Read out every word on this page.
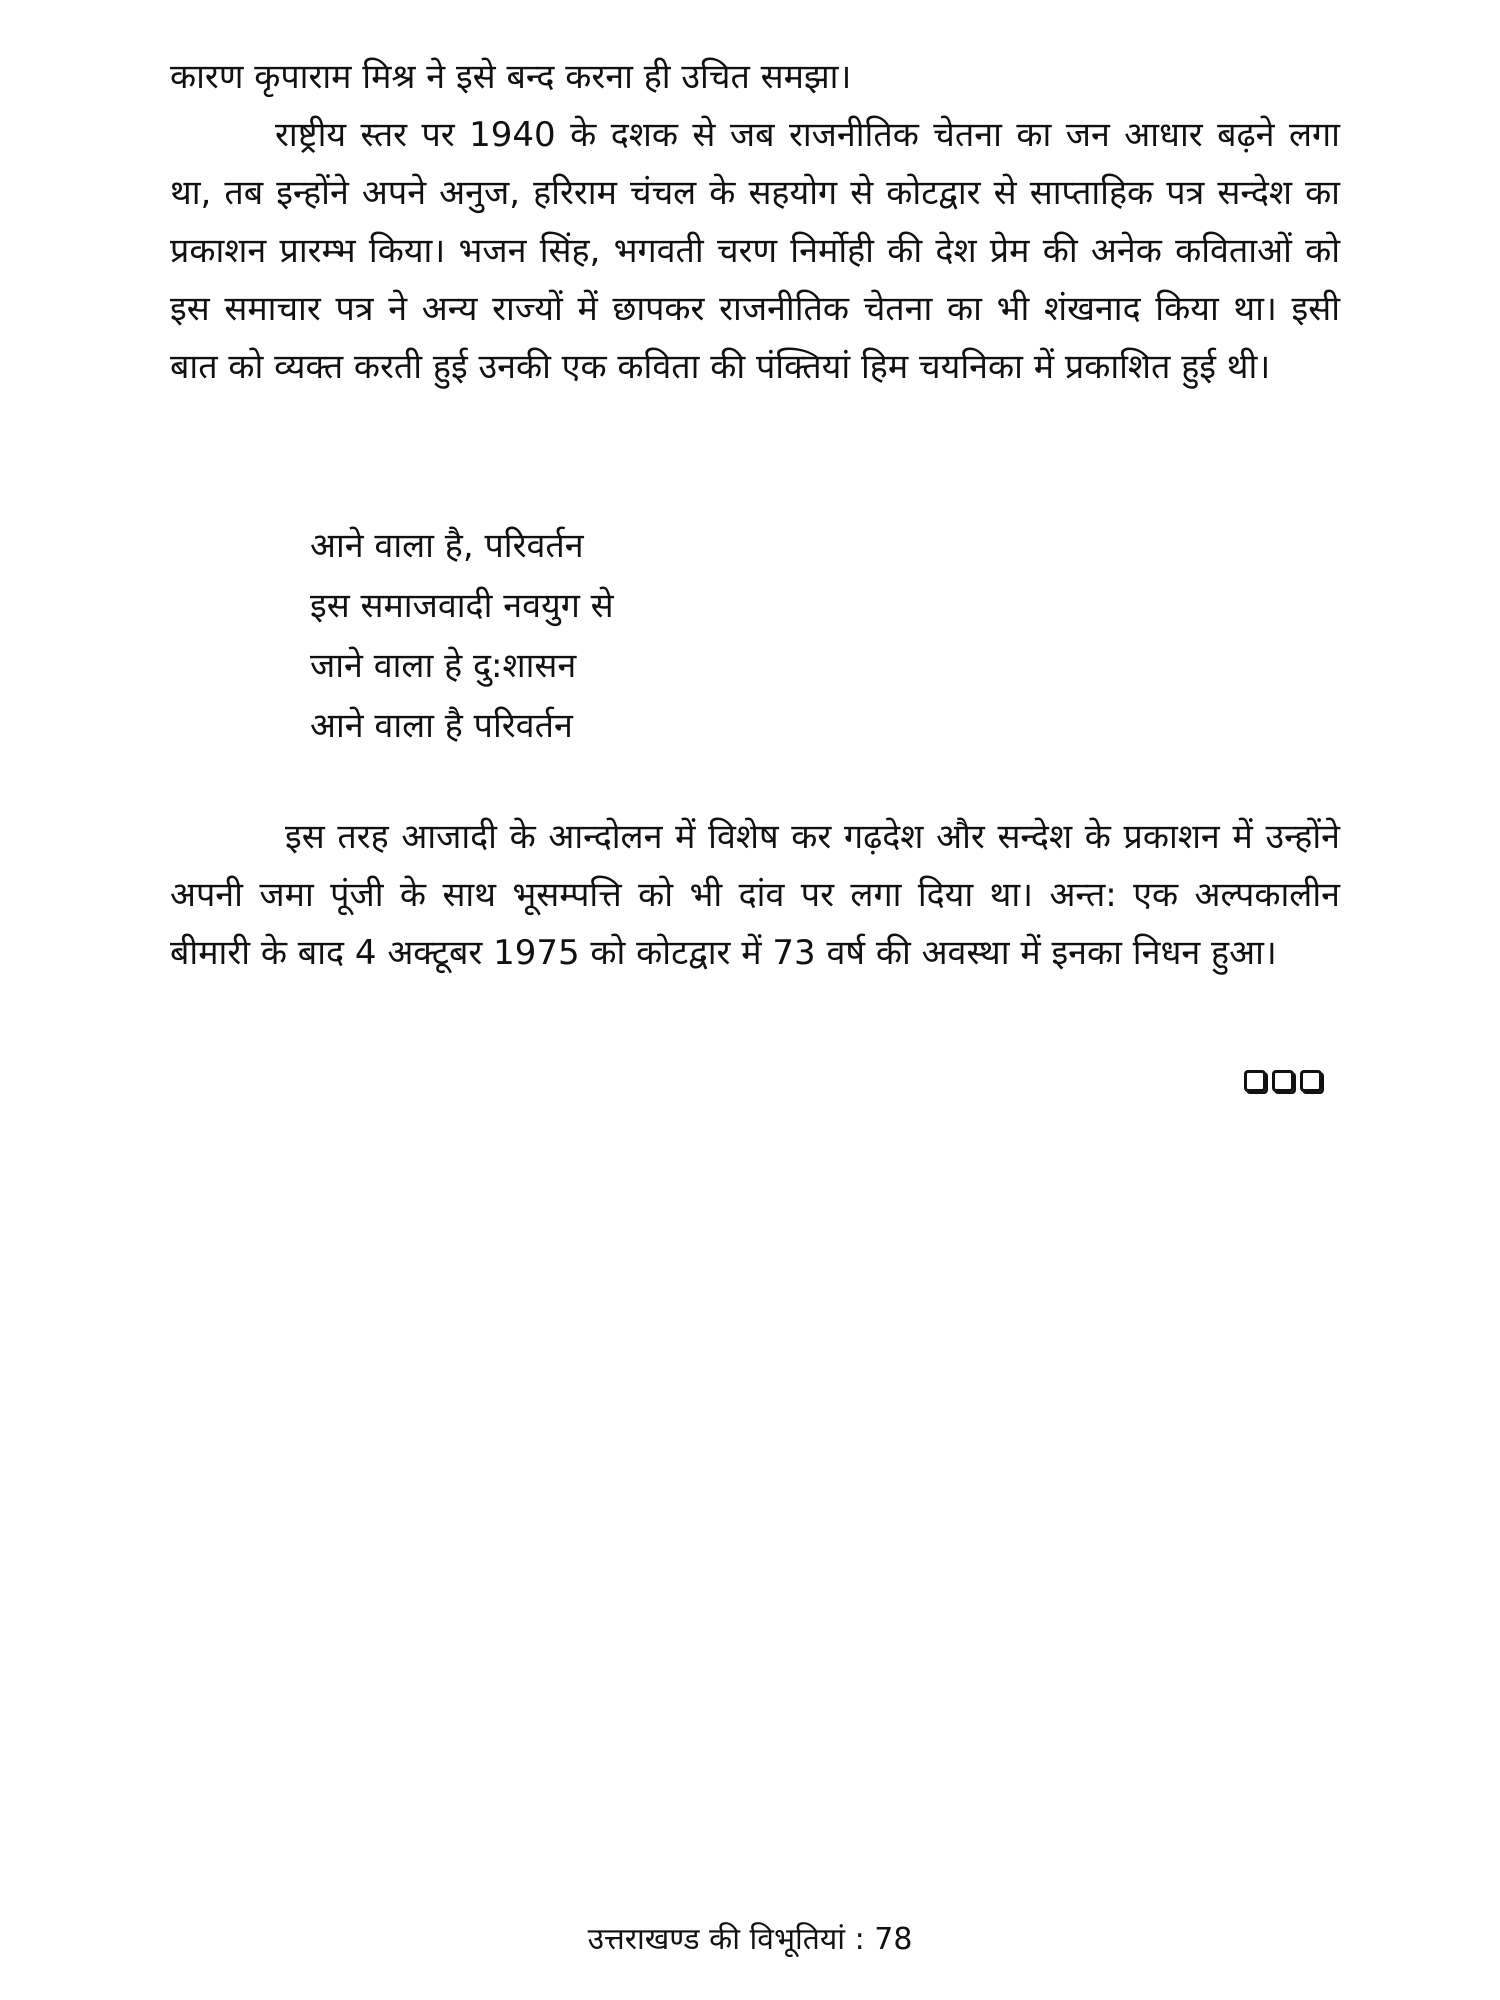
कारण कृपाराम मिश्र ने इसे बन्द करना ही उचित समझा।

राष्ट्रीय स्तर पर 1940 के दशक से जब राजनीतिक चेतना का जन आधार बढ़ने लगा था, तब इन्होंने अपने अनुज, हरिराम चंचल के सहयोग से कोटद्वार से साप्ताहिक पत्र सन्देश का प्रकाशन प्रारम्भ किया। भजन सिंह, भगवती चरण निर्मोही की देश प्रेम की अनेक कविताओं को इस समाचार पत्र ने अन्य राज्यों में छापकर राजनीतिक चेतना का भी शंखनाद किया था। इसी बात को व्यक्त करती हुई उनकी एक कविता की पंक्तियां हिम चयनिका में प्रकाशित हुई थी।

आने वाला है, परिवर्तन
इस समाजवादी नवयुग से
जाने वाला हे दु:शासन
आने वाला है परिवर्तन

इस तरह आजादी के आन्दोलन में विशेष कर गढ़देश और सन्देश के प्रकाशन में उन्होंने अपनी जमा पूंजी के साथ भूसम्पत्ति को भी दांव पर लगा दिया था। अन्त: एक अल्पकालीन बीमारी के बाद 4 अक्टूबर 1975 को कोटद्वार में 73 वर्ष की अवस्था में इनका निधन हुआ।

उत्तराखण्ड की विभूतियां : 78
